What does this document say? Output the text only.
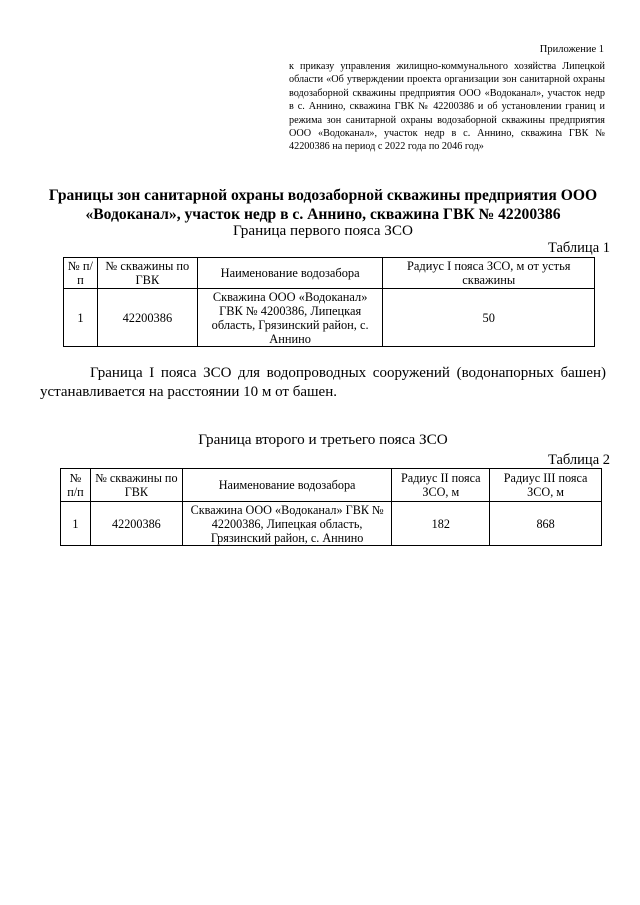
Приложение 1
к приказу управления жилищно-коммунального хозяйства Липецкой области «Об утверждении проекта организации зон санитарной охраны водозаборной скважины предприятия ООО «Водоканал», участок недр в с. Аннино, скважина ГВК № 42200386 и об установлении границ и режима зон санитарной охраны водозаборной скважины предприятия ООО «Водоканал», участок недр в с. Аннино, скважина ГВК № 42200386 на период с 2022 года по 2046 год»
Границы зон санитарной охраны водозаборной скважины предприятия ООО «Водоканал», участок недр в с. Аннино, скважина ГВК № 42200386
Граница первого пояса ЗСО
Таблица 1
№ п/п	№ скважины по ГВК	Наименование водозабора	Радиус I пояса ЗСО, м от устья скважины
1	42200386	Скважина ООО «Водоканал» ГВК № 4200386, Липецкая область, Грязинский район, с. Аннино	50
Граница I пояса ЗСО для водопроводных сооружений (водонапорных башен) устанавливается на расстоянии 10 м от башен.
Граница второго и третьего пояса ЗСО
Таблица 2
№ п/п	№ скважины по ГВК	Наименование водозабора	Радиус II пояса ЗСО, м	Радиус III пояса ЗСО, м
1	42200386	Скважина ООО «Водоканал» ГВК № 42200386, Липецкая область, Грязинский район, с. Аннино	182	868
